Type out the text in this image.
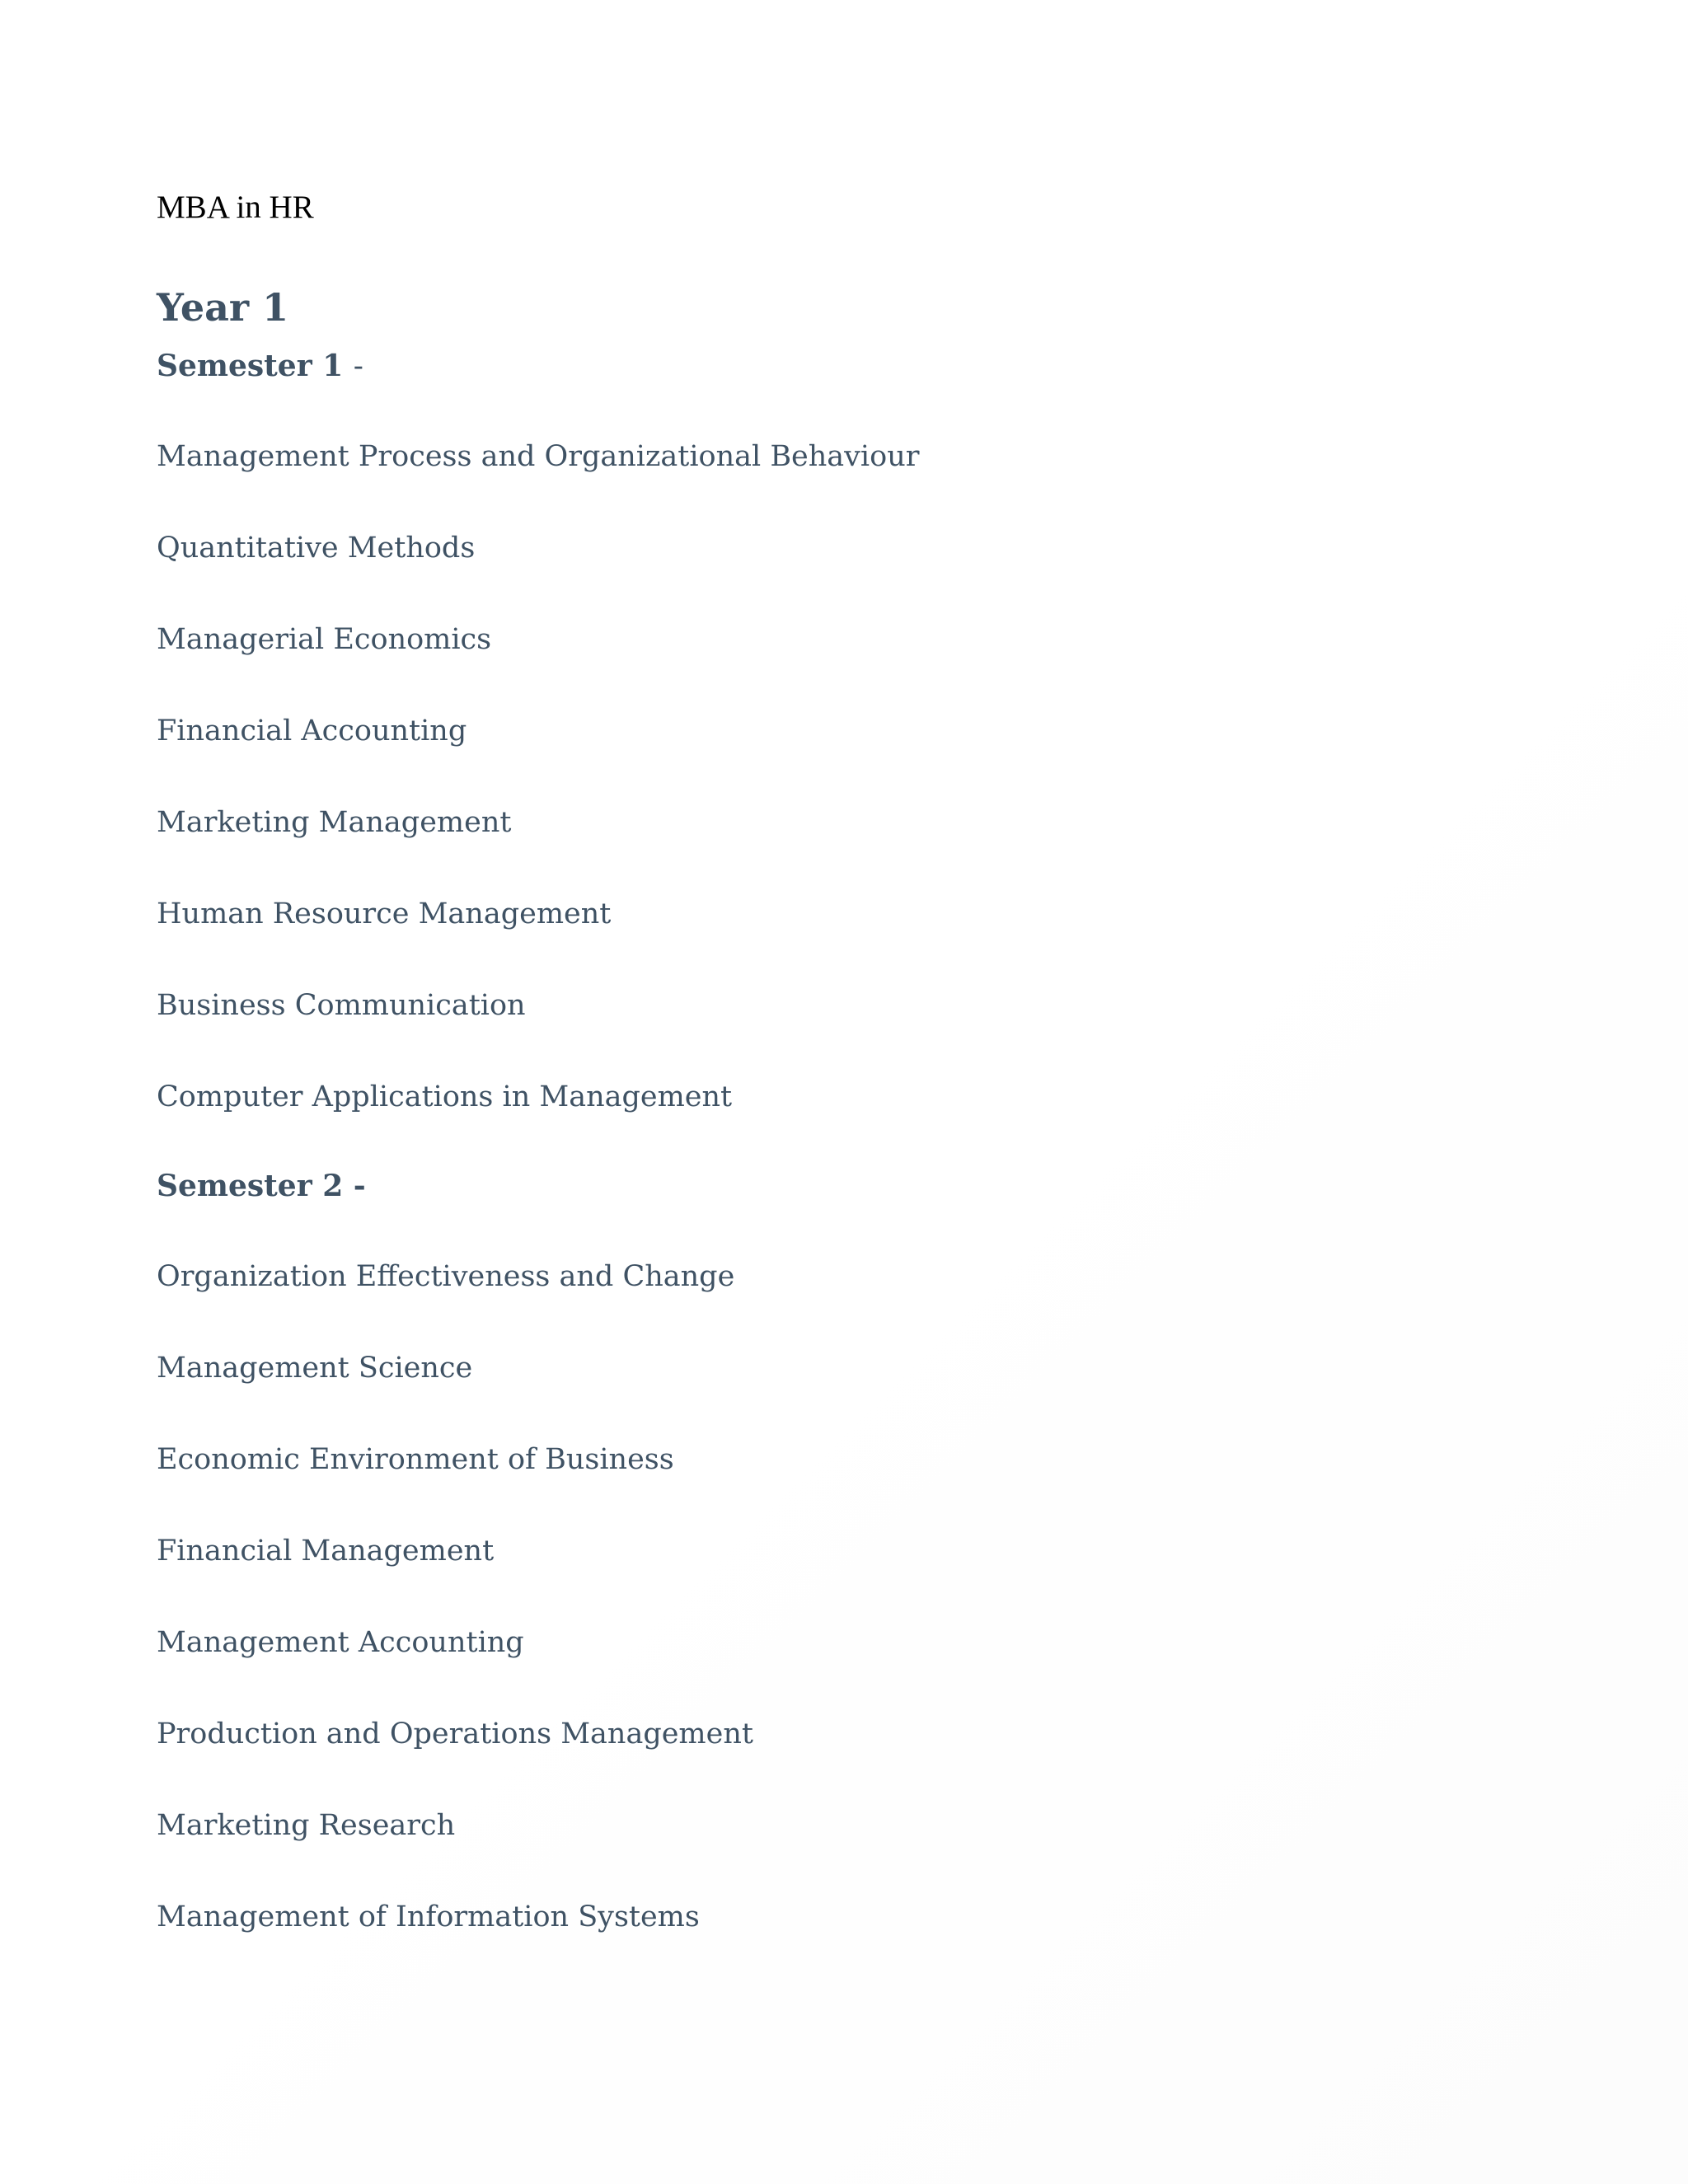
MBA in HR
Year 1
Semester 1 -
Management Process and Organizational Behaviour
Quantitative Methods
Managerial Economics
Financial Accounting
Marketing Management
Human Resource Management
Business Communication
Computer Applications in Management
Semester 2 -
Organization Effectiveness and Change
Management Science
Economic Environment of Business
Financial Management
Management Accounting
Production and Operations Management
Marketing Research
Management of Information Systems
